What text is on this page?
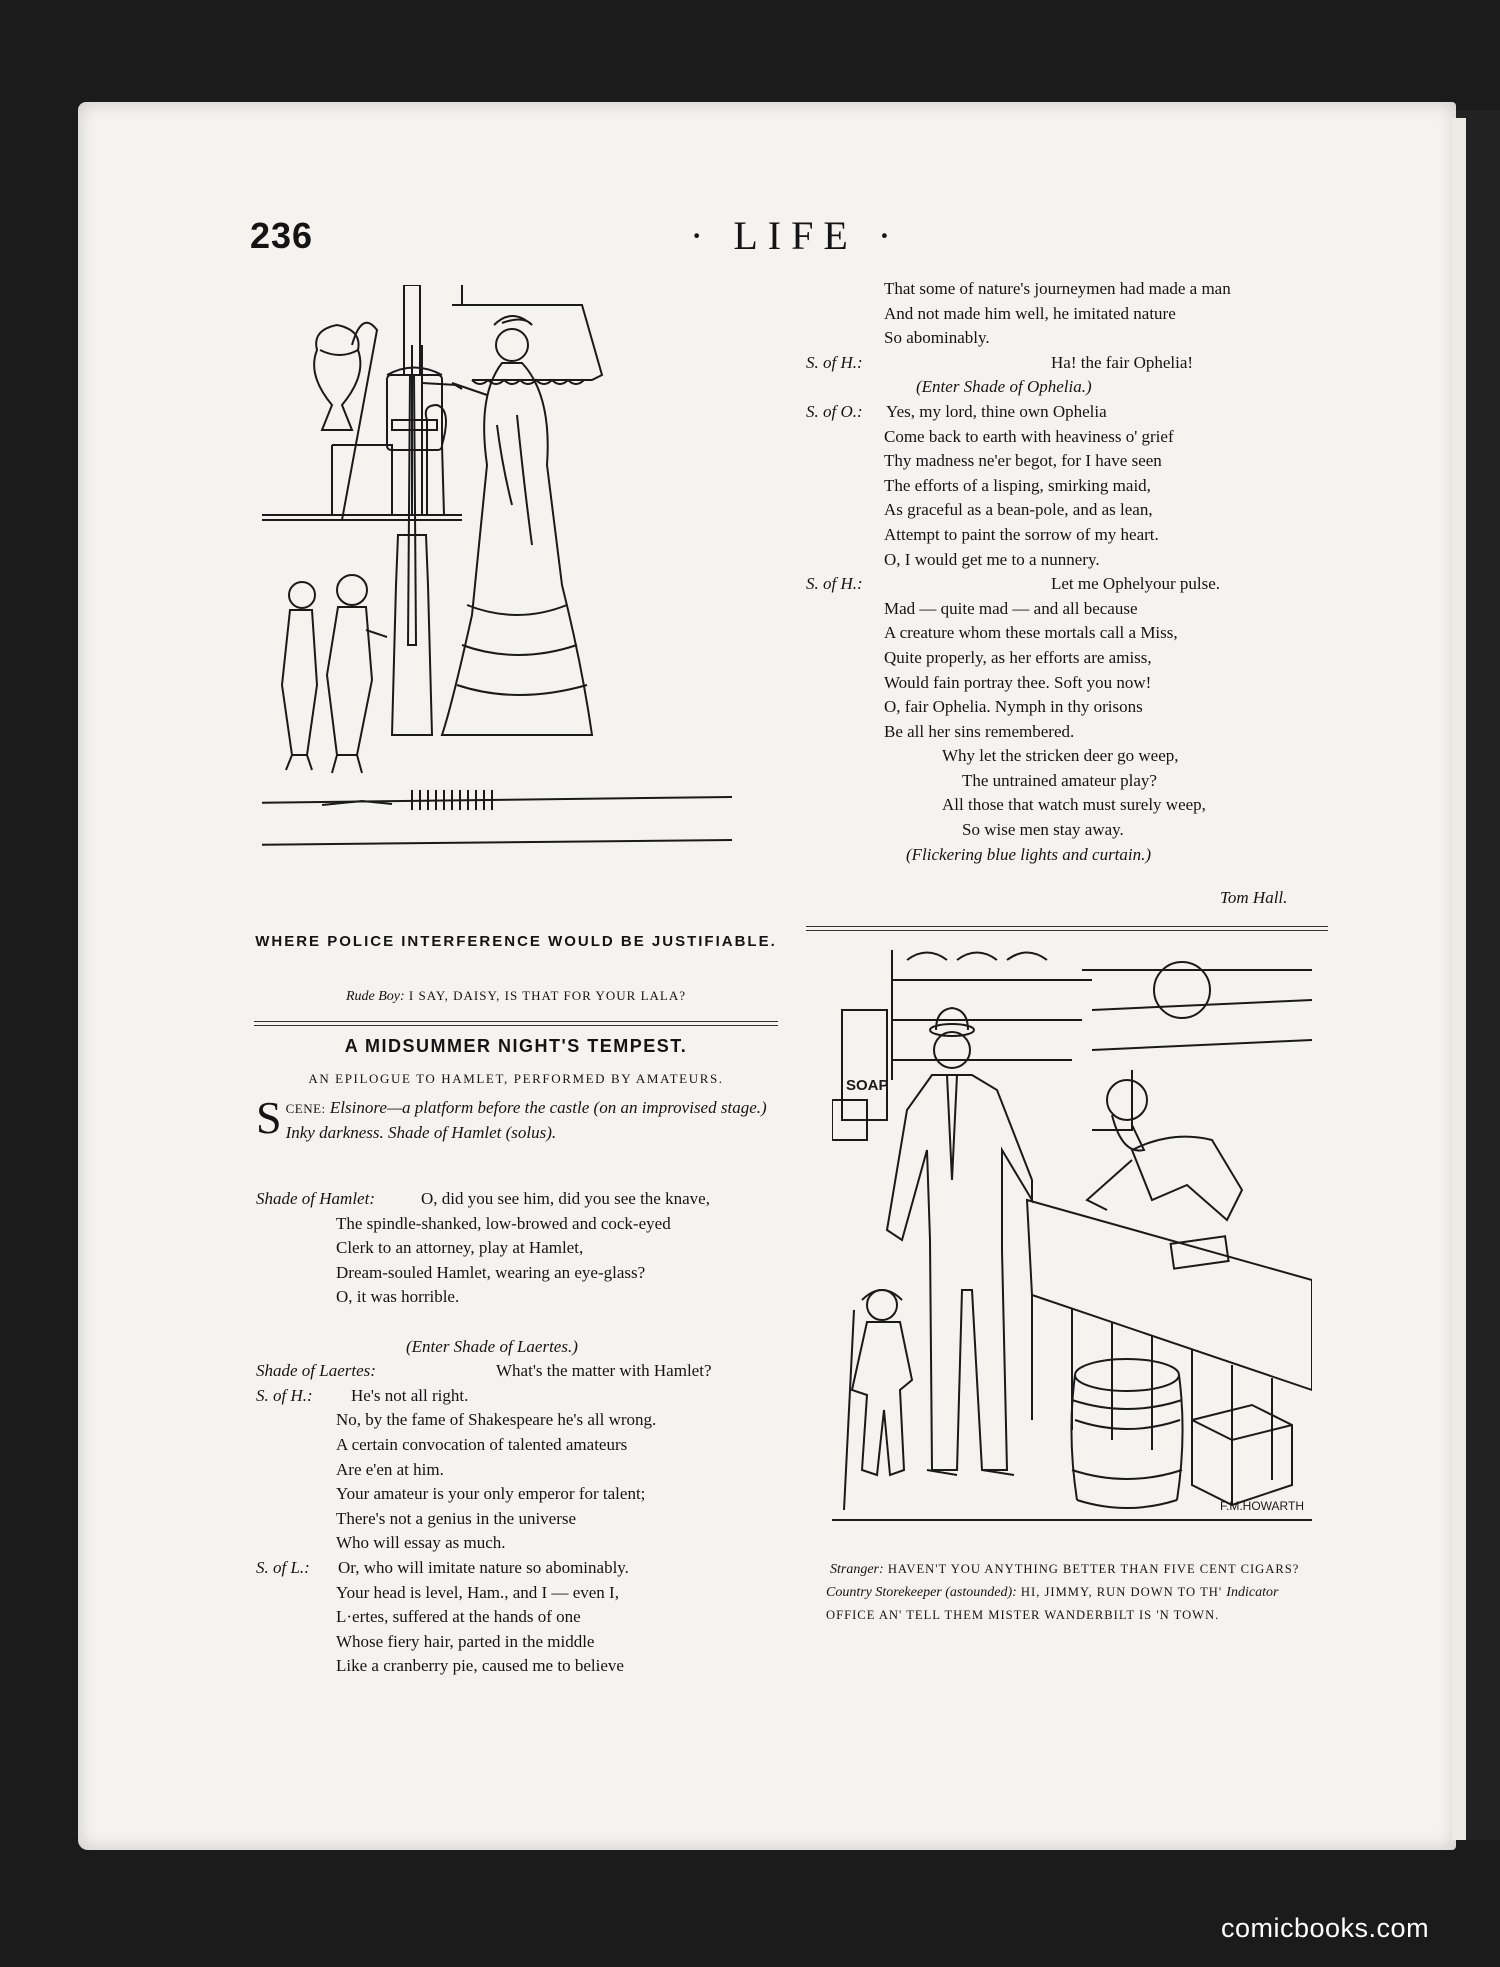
236	· LIFE ·
WHERE POLICE INTERFERENCE WOULD BE JUSTIFIABLE.
Rude Boy: I SAY, DAISY, IS THAT FOR YOUR LALA?
A MIDSUMMER NIGHT'S TEMPEST.
AN EPILOGUE TO HAMLET, PERFORMED BY AMATEURS.
SCENE: Elsinore—a platform before the castle (on an improvised stage.) Inky darkness. Shade of Hamlet (solus).
Shade of Hamlet:	O, did you see him, did you see the knave,
The spindle-shanked, low-browed and cock-eyed
Clerk to an attorney, play at Hamlet,
Dream-souled Hamlet, wearing an eye-glass?
O, it was horrible.
(Enter Shade of Laertes.)
Shade of Laertes:	What's the matter with Hamlet?
S. of H.: He's not all right.
No, by the fame of Shakespeare he's all wrong.
A certain convocation of talented amateurs
Are e'en at him.
Your amateur is your only emperor for talent;
There's not a genius in the universe
Who will essay as much.
S. of L.: Or, who will imitate nature so abominably.
Your head is level, Ham., and I — even I,
L·ertes, suffered at the hands of one
Whose fiery hair, parted in the middle
Like a cranberry pie, caused me to believe
That some of nature's journeymen had made a man
And not made him well, he imitated nature
So abominably.
S. of H.:	Ha! the fair Ophelia!
(Enter Shade of Ophelia.)
S. of O.: Yes, my lord, thine own Ophelia
Come back to earth with heaviness o' grief
Thy madness ne'er begot, for I have seen
The efforts of a lisping, smirking maid,
As graceful as a bean-pole, and as lean,
Attempt to paint the sorrow of my heart.
O, I would get me to a nunnery.
S. of H.:	Let me Ophelyour pulse.
Mad — quite mad — and all because
A creature whom these mortals call a Miss,
Quite properly, as her efforts are amiss,
Would fain portray thee. Soft you now!
O, fair Ophelia. Nymph in thy orisons
Be all her sins remembered.
Why let the stricken deer go weep,
The untrained amateur play?
All those that watch must surely weep,
So wise men stay away.
(Flickering blue lights and curtain.)
Tom Hall.
SOAP
F.M.HOWARTH
Stranger: HAVEN'T YOU ANYTHING BETTER THAN FIVE CENT CIGARS?
Country Storekeeper (astounded): HI, JIMMY, RUN DOWN TO TH' Indicator OFFICE AN' TELL THEM MISTER WANDERBILT IS 'N TOWN.
comicbooks.com
